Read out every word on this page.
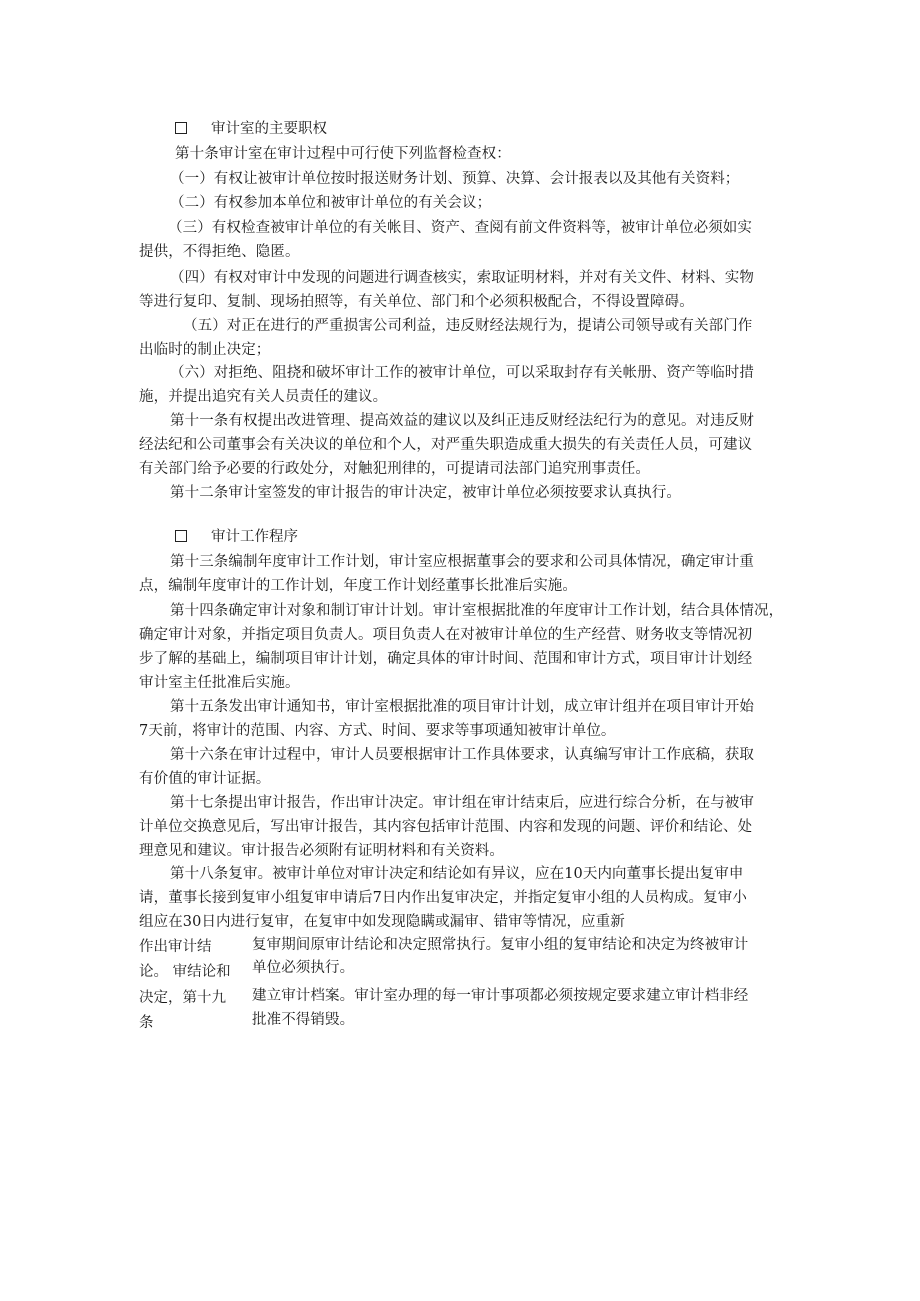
审计室的主要职权
第十条审计室在审计过程中可行使下列监督检查权：
（一）有权让被审计单位按时报送财务计划、预算、决算、会计报表以及其他有关资料；
（二）有权参加本单位和被审计单位的有关会议；
（三）有权检查被审计单位的有关帐目、资产、查阅有前文件资料等，被审计单位必须如实
提供，不得拒绝、隐匿。
（四）有权对审计中发现的问题进行调查核实，索取证明材料，并对有关文件、材料、实物
等进行复印、复制、现场拍照等，有关单位、部门和个必须积极配合，不得设置障碍。
（五）对正在进行的严重损害公司利益，违反财经法规行为，提请公司领导或有关部门作
出临时的制止决定；
（六）对拒绝、阻挠和破坏审计工作的被审计单位，可以采取封存有关帐册、资产等临时措
施，并提出追究有关人员责任的建议。
第十一条有权提出改进管理、提高效益的建议以及纠正违反财经法纪行为的意见。对违反财
经法纪和公司董事会有关决议的单位和个人，对严重失职造成重大损失的有关责任人员，可建议
有关部门给予必要的行政处分，对触犯刑律的，可提请司法部门追究刑事责任。
第十二条审计室签发的审计报告的审计决定，被审计单位必须按要求认真执行。
审计工作程序
第十三条编制年度审计工作计划，审计室应根据董事会的要求和公司具体情况，确定审计重
点，编制年度审计的工作计划，年度工作计划经董事长批准后实施。
第十四条确定审计对象和制订审计计划。审计室根据批准的年度审计工作计划，结合具体情况，
确定审计对象，并指定项目负责人。项目负责人在对被审计单位的生产经营、财务收支等情况初
步了解的基础上，编制项目审计计划，确定具体的审计时间、范围和审计方式，项目审计计划经
审计室主任批准后实施。
第十五条发出审计通知书，审计室根据批准的项目审计计划，成立审计组并在项目审计开始
7天前，将审计的范围、内容、方式、时间、要求等事项通知被审计单位。
第十六条在审计过程中，审计人员要根据审计工作具体要求，认真编写审计工作底稿，获取
有价值的审计证据。
第十七条提出审计报告，作出审计决定。审计组在审计结束后，应进行综合分析，在与被审
计单位交换意见后，写出审计报告，其内容包括审计范围、内容和发现的问题、评价和结论、处
理意见和建议。审计报告必须附有证明材料和有关资料。
第十八条复审。被审计单位对审计决定和结论如有异议，应在10天内向董事长提出复审申
请，董事长接到复审小组复审申请后7日内作出复审决定，并指定复审小组的人员构成。复审小
组应在30日内进行复审，在复审中如发现隐瞒或漏审、错审等情况，应重新
作出审计结
论。 审结论和
决定，第十九
条
复审期间原审计结论和决定照常执行。复审小组的复审结论和决定为终被审计
单位必须执行。
建立审计档案。审计室办理的每一审计事项都必须按规定要求建立审计档非经
批准不得销毁。
